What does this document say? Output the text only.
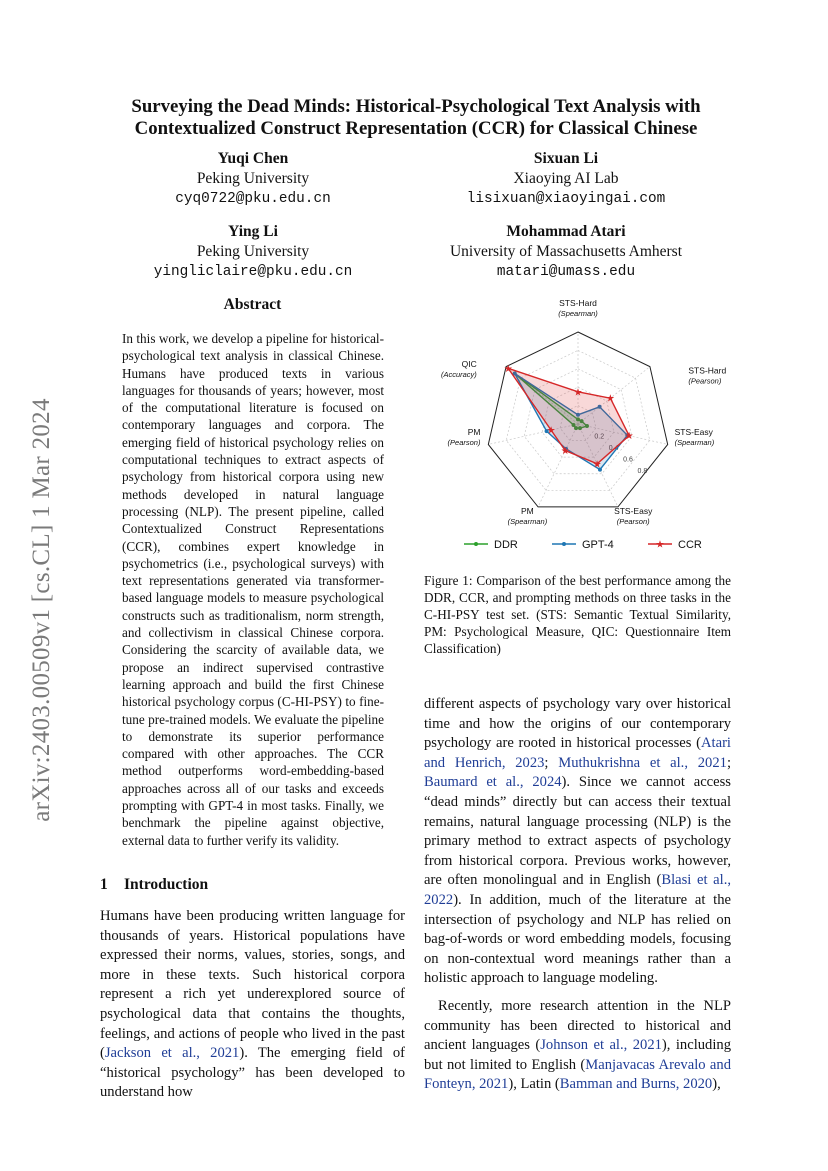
arXiv:2403.00509v1 [cs.CL] 1 Mar 2024
Surveying the Dead Minds: Historical-Psychological Text Analysis with
Contextualized Construct Representation (CCR) for Classical Chinese
Yuqi Chen
Peking University
cyq0722@pku.edu.cn
Sixuan Li
Xiaoying AI Lab
lisixuan@xiaoyingai.com
Ying Li
Peking University
yingliclaire@pku.edu.cn
Mohammad Atari
University of Massachusetts Amherst
matari@umass.edu
Abstract
In this work, we develop a pipeline for historical-psychological text analysis in classical Chinese. Humans have produced texts in various languages for thousands of years; however, most of the computational literature is focused on contemporary languages and corpora. The emerging field of historical psychology relies on computational techniques to extract aspects of psychology from historical corpora using new methods developed in natural language processing (NLP). The present pipeline, called Contextualized Construct Representations (CCR), combines expert knowledge in psychometrics (i.e., psychological surveys) with text representations generated via transformer-based language models to measure psychological constructs such as traditionalism, norm strength, and collectivism in classical Chinese corpora. Considering the scarcity of available data, we propose an indirect supervised contrastive learning approach and build the first Chinese historical psychology corpus (C-HI-PSY) to fine-tune pre-trained models. We evaluate the pipeline to demonstrate its superior performance compared with other approaches. The CCR method outperforms word-embedding-based approaches across all of our tasks and exceeds prompting with GPT-4 in most tasks. Finally, we benchmark the pipeline against objective, external data to further verify its validity.
1 Introduction

Humans have been producing written language for thousands of years. Historical populations have expressed their norms, values, stories, songs, and more in these texts. Such historical corpora represent a rich yet underexplored source of psychological data that contains the thoughts, feelings, and actions of people who lived in the past (Jackson et al., 2021). The emerging field of “historical psychology” has been developed to understand how

0.2
0.4
0.6
0.8
STS-Hard
(Spearman)
STS-Hard
(Pearson)
STS-Easy
(Spearman)
STS-Easy
(Pearson)
PM
(Spearman)
PM
(Pearson)
QIC
(Accuracy)
★
★
★
★
★
★
★
DDR	GPT-4	★ CCR
Figure 1: Comparison of the best performance among the DDR, CCR, and prompting methods on three tasks in the C-HI-PSY test set. (STS: Semantic Textual Similarity, PM: Psychological Measure, QIC: Questionnaire Item Classification)

different aspects of psychology vary over historical time and how the origins of our contemporary psychology are rooted in historical processes (Atari and Henrich, 2023; Muthukrishna et al., 2021; Baumard et al., 2024). Since we cannot access “dead minds” directly but can access their textual remains, natural language processing (NLP) is the primary method to extract aspects of psychology from historical corpora. Previous works, however, are often monolingual and in English (Blasi et al., 2022). In addition, much of the literature at the intersection of psychology and NLP has relied on bag-of-words or word embedding models, focusing on non-contextual word meanings rather than a holistic approach to language modeling.

Recently, more research attention in the NLP community has been directed to historical and ancient languages (Johnson et al., 2021), including but not limited to English (Manjavacas Arevalo and Fonteyn, 2021), Latin (Bamman and Burns, 2020),
